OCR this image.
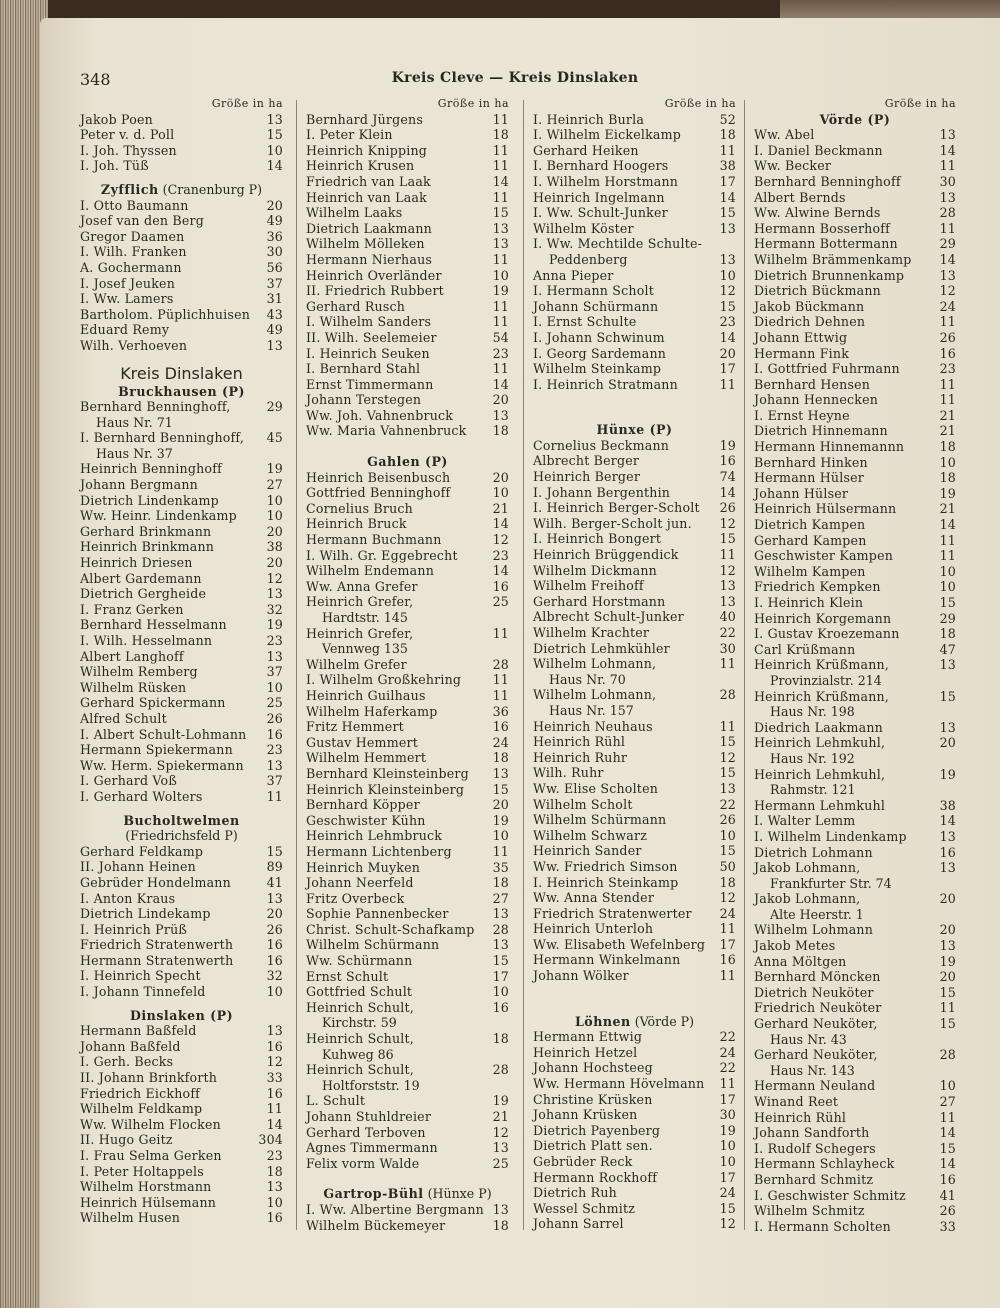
348	Kreis Cleve — Kreis Dinslaken
Größe in ha
Jakob Poen	13
Peter v. d. Poll	15
I. Joh. Thyssen	10
I. Joh. Tüß	14
Zyfflich (Cranenburg P)
I. Otto Baumann	20
Josef van den Berg	49
Gregor Daamen	36
I. Wilh. Franken	30
A. Gochermann	56
I. Josef Jeuken	37
I. Ww. Lamers	31
Bartholom. Püplichhuisen	43
Eduard Remy	49
Wilh. Verhoeven	13
Kreis Dinslaken
Bruckhausen (P)
Bernhard Benninghoff,	29
Haus Nr. 71
I. Bernhard Benninghoff,	45
Haus Nr. 37
Heinrich Benninghoff	19
Johann Bergmann	27
Dietrich Lindenkamp	10
Ww. Heinr. Lindenkamp	10
Gerhard Brinkmann	20
Heinrich Brinkmann	38
Heinrich Driesen	20
Albert Gardemann	12
Dietrich Gergheide	13
I. Franz Gerken	32
Bernhard Hesselmann	19
I. Wilh. Hesselmann	23
Albert Langhoff	13
Wilhelm Remberg	37
Wilhelm Rüsken	10
Gerhard Spickermann	25
Alfred Schult	26
I. Albert Schult-Lohmann	16
Hermann Spiekermann	23
Ww. Herm. Spiekermann	13
I. Gerhard Voß	37
I. Gerhard Wolters	11
Bucholtwelmen
(Friedrichsfeld P)
Gerhard Feldkamp	15
II. Johann Heinen	89
Gebrüder Hondelmann	41
I. Anton Kraus	13
Dietrich Lindekamp	20
I. Heinrich Prüß	26
Friedrich Stratenwerth	16
Hermann Stratenwerth	16
I. Heinrich Specht	32
I. Johann Tinnefeld	10
Dinslaken (P)
Hermann Baßfeld	13
Johann Baßfeld	16
I. Gerh. Becks	12
II. Johann Brinkforth	33
Friedrich Eickhoff	16
Wilhelm Feldkamp	11
Ww. Wilhelm Flocken	14
II. Hugo Geitz	304
I. Frau Selma Gerken	23
I. Peter Holtappels	18
Wilhelm Horstmann	13
Heinrich Hülsemann	10
Wilhelm Husen	16
Größe in ha
Bernhard Jürgens	11
I. Peter Klein	18
Heinrich Knipping	11
Heinrich Krusen	11
Friedrich van Laak	14
Heinrich van Laak	11
Wilhelm Laaks	15
Dietrich Laakmann	13
Wilhelm Mölleken	13
Hermann Nierhaus	11
Heinrich Overländer	10
II. Friedrich Rubbert	19
Gerhard Rusch	11
I. Wilhelm Sanders	11
II. Wilh. Seelemeier	54
I. Heinrich Seuken	23
I. Bernhard Stahl	11
Ernst Timmermann	14
Johann Terstegen	20
Ww. Joh. Vahnenbruck	13
Ww. Maria Vahnenbruck	18
Gahlen (P)
Heinrich Beisenbusch	20
Gottfried Benninghoff	10
Cornelius Bruch	21
Heinrich Bruck	14
Hermann Buchmann	12
I. Wilh. Gr. Eggebrecht	23
Wilhelm Endemann	14
Ww. Anna Grefer	16
Heinrich Grefer,	25
Hardtstr. 145
Heinrich Grefer,	11
Vennweg 135
Wilhelm Grefer	28
I. Wilhelm Großkehring	11
Heinrich Guilhaus	11
Wilhelm Haferkamp	36
Fritz Hemmert	16
Gustav Hemmert	24
Wilhelm Hemmert	18
Bernhard Kleinsteinberg	13
Heinrich Kleinsteinberg	15
Bernhard Köpper	20
Geschwister Kühn	19
Heinrich Lehmbruck	10
Hermann Lichtenberg	11
Heinrich Muyken	35
Johann Neerfeld	18
Fritz Overbeck	27
Sophie Pannenbecker	13
Christ. Schult-Schafkamp	28
Wilhelm Schürmann	13
Ww. Schürmann	15
Ernst Schult	17
Gottfried Schult	10
Heinrich Schult,	16
Kirchstr. 59
Heinrich Schult,	18
Kuhweg 86
Heinrich Schult,	28
Holtforststr. 19
L. Schult	19
Johann Stuhldreier	21
Gerhard Terboven	12
Agnes Timmermann	13
Felix vorm Walde	25
Gartrop-Bühl (Hünxe P)
I. Ww. Albertine Bergmann 13
Wilhelm Bückemeyer	18
Größe in ha
I. Heinrich Burla	52
I. Wilhelm Eickelkamp	18
Gerhard Heiken	11
I. Bernhard Hoogers	38
I. Wilhelm Horstmann	17
Heinrich Ingelmann	14
I. Ww. Schult-Junker	15
Wilhelm Köster	13
I. Ww. Mechtilde Schulte-
Peddenberg	13
Anna Pieper	10
I. Hermann Scholt	12
Johann Schürmann	15
I. Ernst Schulte	23
I. Johann Schwinum	14
I. Georg Sardemann	20
Wilhelm Steinkamp	17
I. Heinrich Stratmann	11
Hünxe (P)
Cornelius Beckmann	19
Albrecht Berger	16
Heinrich Berger	74
I. Johann Bergenthin	14
I. Heinrich Berger-Scholt	26
Wilh. Berger-Scholt jun.	12
I. Heinrich Bongert	15
Heinrich Brüggendick	11
Wilhelm Dickmann	12
Wilhelm Freihoff	13
Gerhard Horstmann	13
Albrecht Schult-Junker	40
Wilhelm Krachter	22
Dietrich Lehmkühler	30
Wilhelm Lohmann,	11
Haus Nr. 70
Wilhelm Lohmann,	28
Haus Nr. 157
Heinrich Neuhaus	11
Heinrich Rühl	15
Heinrich Ruhr	12
Wilh. Ruhr	15
Ww. Elise Scholten	13
Wilhelm Scholt	22
Wilhelm Schürmann	26
Wilhelm Schwarz	10
Heinrich Sander	15
Ww. Friedrich Simson	50
I. Heinrich Steinkamp	18
Ww. Anna Stender	12
Friedrich Stratenwerter	24
Heinrich Unterloh	11
Ww. Elisabeth Wefelnberg	17
Hermann Winkelmann	16
Johann Wölker	11
Löhnen (Vörde P)
Hermann Ettwig	22
Heinrich Hetzel	24
Johann Hochsteeg	22
Ww. Hermann Hövelmann	11
Christine Krüsken	17
Johann Krüsken	30
Dietrich Payenberg	19
Dietrich Platt sen.	10
Gebrüder Reck	10
Hermann Rockhoff	17
Dietrich Ruh	24
Wessel Schmitz	15
Johann Sarrel	12
Größe in ha
Vörde (P)
Ww. Abel	13
I. Daniel Beckmann	14
Ww. Becker	11
Bernhard Benninghoff	30
Albert Bernds	13
Ww. Alwine Bernds	28
Hermann Bosserhoff	11
Hermann Bottermann	29
Wilhelm Brämmenkamp	14
Dietrich Brunnenkamp	13
Dietrich Bückmann	12
Jakob Bückmann	24
Diedrich Dehnen	11
Johann Ettwig	26
Hermann Fink	16
I. Gottfried Fuhrmann	23
Bernhard Hensen	11
Johann Hennecken	11
I. Ernst Heyne	21
Dietrich Hinnemann	21
Hermann Hinnemannn	18
Bernhard Hinken	10
Hermann Hülser	18
Johann Hülser	19
Heinrich Hülsermann	21
Dietrich Kampen	14
Gerhard Kampen	11
Geschwister Kampen	11
Wilhelm Kampen	10
Friedrich Kempken	10
I. Heinrich Klein	15
Heinrich Korgemann	29
I. Gustav Kroezemann	18
Carl Krüßmann	47
Heinrich Krüßmann,	13
Provinzialstr. 214
Heinrich Krüßmann,	15
Haus Nr. 198
Diedrich Laakmann	13
Heinrich Lehmkuhl,	20
Haus Nr. 192
Heinrich Lehmkuhl,	19
Rahmstr. 121
Hermann Lehmkuhl	38
I. Walter Lemm	14
I. Wilhelm Lindenkamp	13
Dietrich Lohmann	16
Jakob Lohmann,	13
Frankfurter Str. 74
Jakob Lohmann,	20
Alte Heerstr. 1
Wilhelm Lohmann	20
Jakob Metes	13
Anna Möltgen	19
Bernhard Möncken	20
Dietrich Neuköter	15
Friedrich Neuköter	11
Gerhard Neuköter,	15
Haus Nr. 43
Gerhard Neuköter,	28
Haus Nr. 143
Hermann Neuland	10
Winand Reet	27
Heinrich Rühl	11
Johann Sandforth	14
I. Rudolf Schegers	15
Hermann Schlayheck	14
Bernhard Schmitz	16
I. Geschwister Schmitz	41
Wilhelm Schmitz	26
I. Hermann Scholten	33
